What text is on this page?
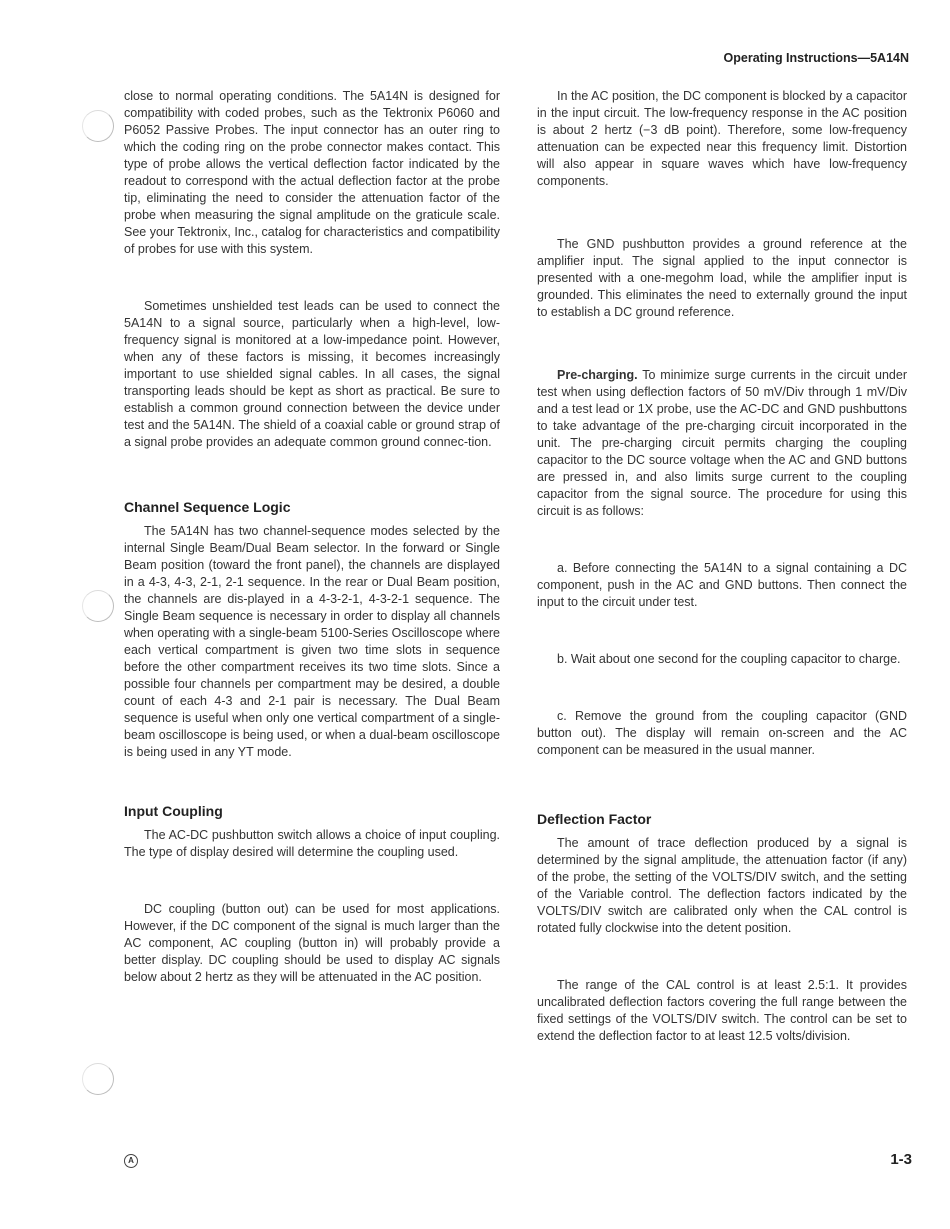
Operating Instructions—5A14N

close to normal operating conditions. The 5A14N is designed for compatibility with coded probes, such as the Tektronix P6060 and P6052 Passive Probes. The input connector has an outer ring to which the coding ring on the probe connector makes contact. This type of probe allows the vertical deflection factor indicated by the readout to correspond with the actual deflection factor at the probe tip, eliminating the need to consider the attenuation factor of the probe when measuring the signal amplitude on the graticule scale. See your Tektronix, Inc., catalog for characteristics and compatibility of probes for use with this system.

Sometimes unshielded test leads can be used to connect the 5A14N to a signal source, particularly when a high-level, low-frequency signal is monitored at a low-impedance point. However, when any of these factors is missing, it becomes increasingly important to use shielded signal cables. In all cases, the signal transporting leads should be kept as short as practical. Be sure to establish a common ground connection between the device under test and the 5A14N. The shield of a coaxial cable or ground strap of a signal probe provides an adequate common ground connec-tion.

Channel Sequence Logic

The 5A14N has two channel-sequence modes selected by the internal Single Beam/Dual Beam selector. In the forward or Single Beam position (toward the front panel), the channels are displayed in a 4-3, 4-3, 2-1, 2-1 sequence. In the rear or Dual Beam position, the channels are dis-played in a 4-3-2-1, 4-3-2-1 sequence. The Single Beam sequence is necessary in order to display all channels when operating with a single-beam 5100-Series Oscilloscope where each vertical compartment is given two time slots in sequence before the other compartment receives its two time slots. Since a possible four channels per compartment may be desired, a double count of each 4-3 and 2-1 pair is necessary. The Dual Beam sequence is useful when only one vertical compartment of a single-beam oscilloscope is being used, or when a dual-beam oscilloscope is being used in any YT mode.

Input Coupling

The AC-DC pushbutton switch allows a choice of input coupling. The type of display desired will determine the coupling used.

DC coupling (button out) can be used for most applications. However, if the DC component of the signal is much larger than the AC component, AC coupling (button in) will probably provide a better display. DC coupling should be used to display AC signals below about 2 hertz as they will be attenuated in the AC position.

In the AC position, the DC component is blocked by a capacitor in the input circuit. The low-frequency response in the AC position is about 2 hertz (−3 dB point). Therefore, some low-frequency attenuation can be expected near this frequency limit. Distortion will also appear in square waves which have low-frequency components.

The GND pushbutton provides a ground reference at the amplifier input. The signal applied to the input connector is presented with a one-megohm load, while the amplifier input is grounded. This eliminates the need to externally ground the input to establish a DC ground reference.

Pre-charging. To minimize surge currents in the circuit under test when using deflection factors of 50 mV/Div through 1 mV/Div and a test lead or 1X probe, use the AC-DC and GND pushbuttons to take advantage of the pre-charging circuit incorporated in the unit. The pre-charging circuit permits charging the coupling capacitor to the DC source voltage when the AC and GND buttons are pressed in, and also limits surge current to the coupling capacitor from the signal source. The procedure for using this circuit is as follows:

a. Before connecting the 5A14N to a signal containing a DC component, push in the AC and GND buttons. Then connect the input to the circuit under test.

b. Wait about one second for the coupling capacitor to charge.

c. Remove the ground from the coupling capacitor (GND button out). The display will remain on-screen and the AC component can be measured in the usual manner.

Deflection Factor

The amount of trace deflection produced by a signal is determined by the signal amplitude, the attenuation factor (if any) of the probe, the setting of the VOLTS/DIV switch, and the setting of the Variable control. The deflection factors indicated by the VOLTS/DIV switch are calibrated only when the CAL control is rotated fully clockwise into the detent position.

The range of the CAL control is at least 2.5:1. It provides uncalibrated deflection factors covering the full range between the fixed settings of the VOLTS/DIV switch. The control can be set to extend the deflection factor to at least 12.5 volts/division.

A	1-3
